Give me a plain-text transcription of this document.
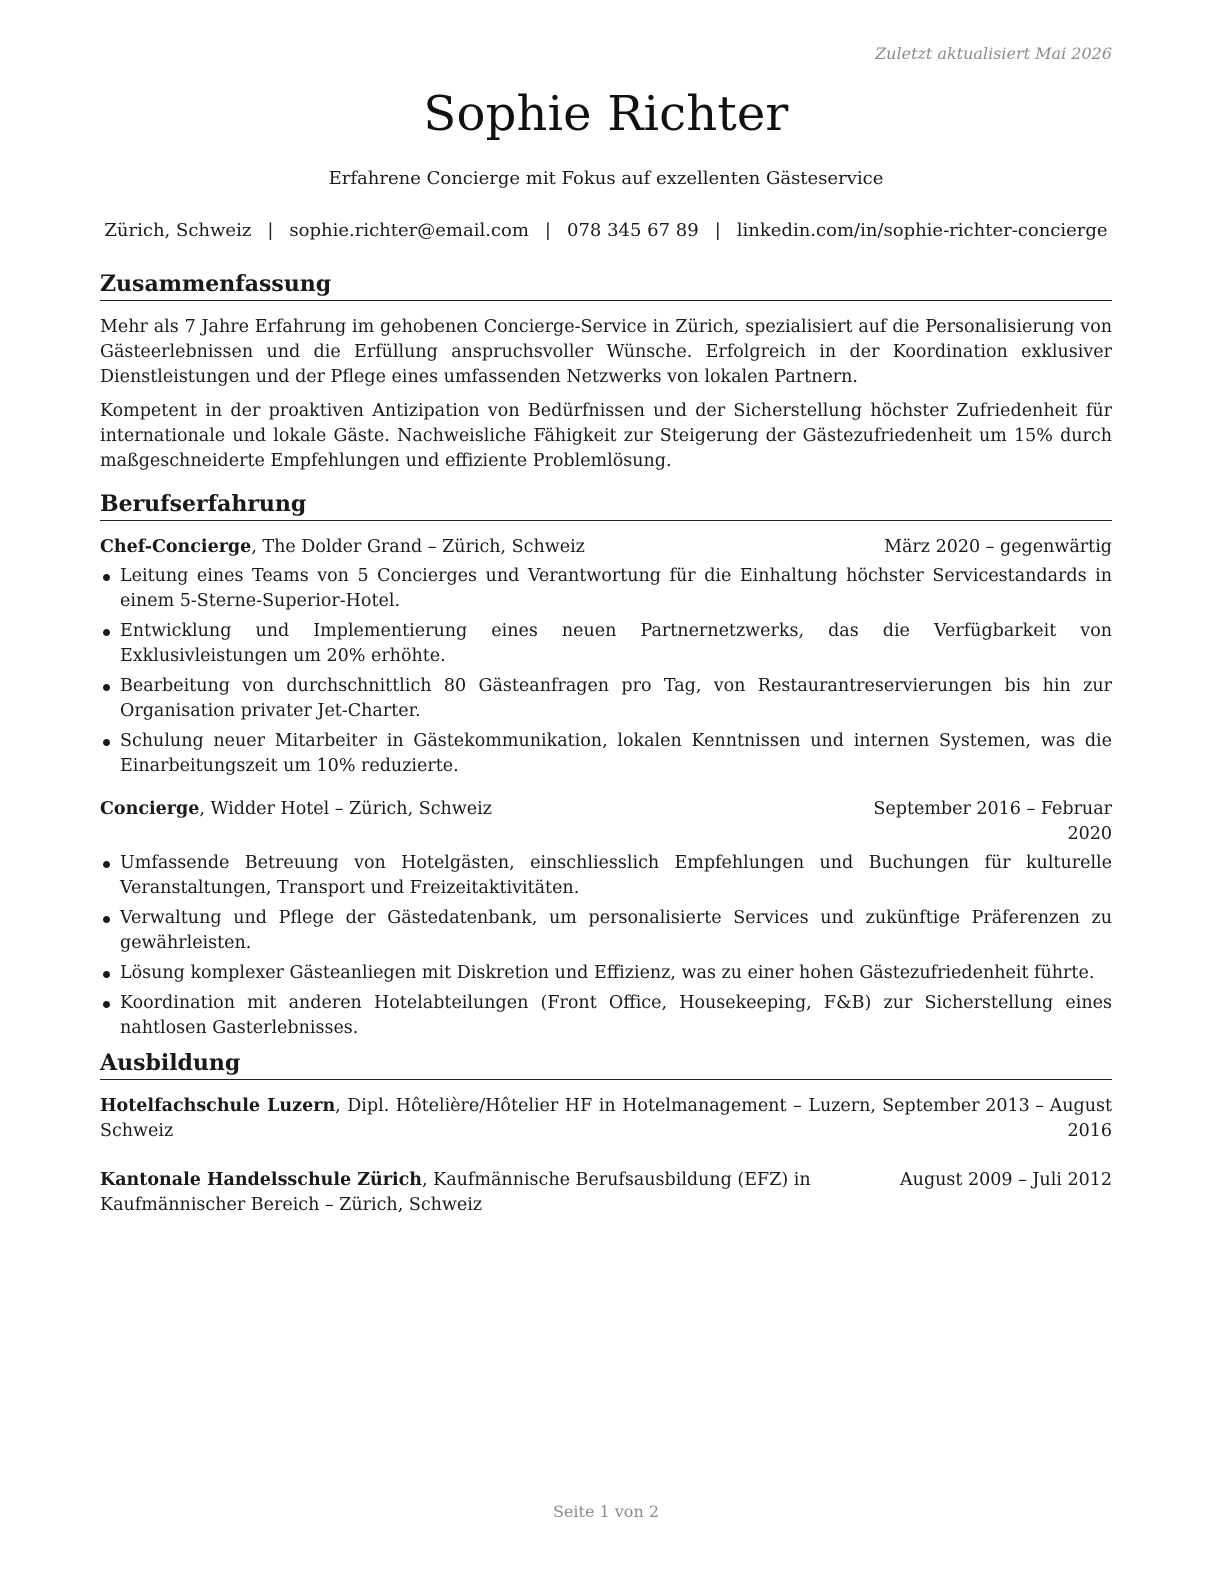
Zuletzt aktualisiert Mai 2026
Sophie Richter
Erfahrene Concierge mit Fokus auf exzellenten Gästeservice
Zürich, Schweiz | sophie.richter@email.com | 078 345 67 89 | linkedin.com/in/sophie-richter-concierge
Zusammenfassung

Mehr als 7 Jahre Erfahrung im gehobenen Concierge-Service in Zürich, spezialisiert auf die Personalisierung von Gästeerlebnissen und die Erfüllung anspruchsvoller Wünsche. Erfolgreich in der Koordination exklusiver Dienstleistungen und der Pflege eines umfassenden Netzwerks von lokalen Partnern.

Kompetent in der proaktiven Antizipation von Bedürfnissen und der Sicherstellung höchster Zufriedenheit für internationale und lokale Gäste. Nachweisliche Fähigkeit zur Steigerung der Gästezufriedenheit um 15% durch maßgeschneiderte Empfehlungen und effiziente Problemlösung.

Berufserfahrung
Chef-Concierge, The Dolder Grand – Zürich, Schweiz	März 2020 – gegenwärtig
Leitung eines Teams von 5 Concierges und Verantwortung für die Einhaltung höchster Servicestandards in einem 5-Sterne-Superior-Hotel.
Entwicklung und Implementierung eines neuen Partnernetzwerks, das die Verfügbarkeit von Exklusivleistungen um 20% erhöhte.
Bearbeitung von durchschnittlich 80 Gästeanfragen pro Tag, von Restaurantreservierungen bis hin zur Organisation privater Jet-Charter.
Schulung neuer Mitarbeiter in Gästekommunikation, lokalen Kenntnissen und internen Systemen, was die Einarbeitungszeit um 10% reduzierte.
Concierge, Widder Hotel – Zürich, Schweiz	September 2016 – Februar 2020
Umfassende Betreuung von Hotelgästen, einschliesslich Empfehlungen und Buchungen für kulturelle Veranstaltungen, Transport und Freizeitaktivitäten.
Verwaltung und Pflege der Gästedatenbank, um personalisierte Services und zukünftige Präferenzen zu gewährleisten.
Lösung komplexer Gästeanliegen mit Diskretion und Effizienz, was zu einer hohen Gästezufriedenheit führte.
Koordination mit anderen Hotelabteilungen (Front Office, Housekeeping, F&B) zur Sicherstellung eines nahtlosen Gasterlebnisses.
Ausbildung
Hotelfachschule Luzern, Dipl. Hôtelière/Hôtelier HF in Hotelmanagement – Luzern, Schweiz
September 2013 – August 2016
Kantonale Handelsschule Zürich, Kaufmännische Berufsausbildung (EFZ) in Kaufmännischer Bereich – Zürich, Schweiz
August 2009 – Juli 2012
Seite 1 von 2
